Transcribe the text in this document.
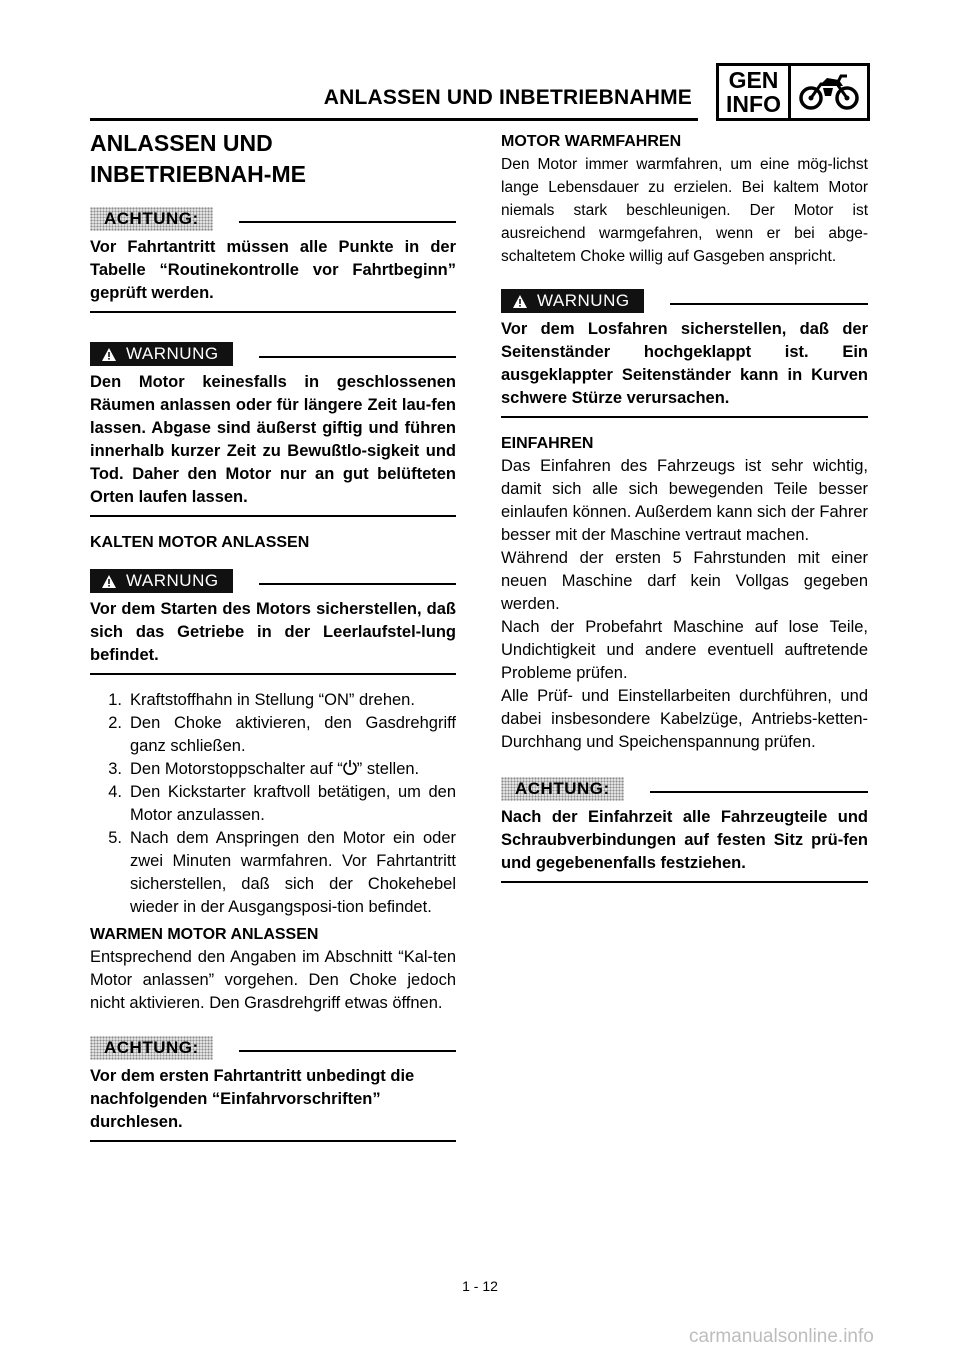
ANLASSEN UND INBETRIEBNAHME
GEN
INFO
ANLASSEN UND INBETRIEBNAH-ME
ACHTUNG:
Vor Fahrtantritt müssen alle Punkte in der Tabelle “Routinekontrolle vor Fahrtbeginn” geprüft werden.
WARNUNG
Den Motor keinesfalls in geschlossenen Räumen anlassen oder für längere Zeit lau-fen lassen. Abgase sind äußerst giftig und führen innerhalb kurzer Zeit zu Bewußtlo-sigkeit und Tod. Daher den Motor nur an gut belüfteten Orten laufen lassen.
KALTEN MOTOR ANLASSEN
WARNUNG
Vor dem Starten des Motors sicherstellen, daß sich das Getriebe in der Leerlaufstel-lung befindet.
1. Kraftstoffhahn in Stellung “ON” drehen.
2. Den Choke aktivieren, den Gasdrehgriff ganz schließen.
3. Den Motorstoppschalter auf “ ” stellen.
4. Den Kickstarter kraftvoll betätigen, um den Motor anzulassen.
5. Nach dem Anspringen den Motor ein oder zwei Minuten warmfahren. Vor Fahrtantritt sicherstellen, daß sich der Chokehebel wieder in der Ausgangsposi-tion befindet.
WARMEN MOTOR ANLASSEN
Entsprechend den Angaben im Abschnitt “Kal-ten Motor anlassen” vorgehen. Den Choke jedoch nicht aktivieren. Den Grasdrehgriff etwas öffnen.
ACHTUNG:
Vor dem ersten Fahrtantritt unbedingt die nachfolgenden “Einfahrvorschriften” durchlesen.
MOTOR WARMFAHREN
Den Motor immer warmfahren, um eine mög-lichst lange Lebensdauer zu erzielen. Bei kaltem Motor niemals stark beschleunigen. Der Motor ist ausreichend warmgefahren, wenn er bei abge-schaltetem Choke willig auf Gasgeben anspricht.
WARNUNG
Vor dem Losfahren sicherstellen, daß der Seitenständer hochgeklappt ist. Ein ausgeklappter Seitenständer kann in Kurven schwere Stürze verursachen.
EINFAHREN
Das Einfahren des Fahrzeugs ist sehr wichtig, damit sich alle sich bewegenden Teile besser einlaufen können. Außerdem kann sich der Fahrer besser mit der Maschine vertraut machen.
Während der ersten 5 Fahrstunden mit einer neuen Maschine darf kein Vollgas gegeben werden.
Nach der Probefahrt Maschine auf lose Teile, Undichtigkeit und andere eventuell auftretende Probleme prüfen.
Alle Prüf- und Einstellarbeiten durchführen, und dabei insbesondere Kabelzüge, Antriebs-ketten-Durchhang und Speichenspannung prüfen.
ACHTUNG:
Nach der Einfahrzeit alle Fahrzeugteile und Schraubverbindungen auf festen Sitz prü-fen und gegebenenfalls festziehen.
1 - 12
carmanualsonline.info
